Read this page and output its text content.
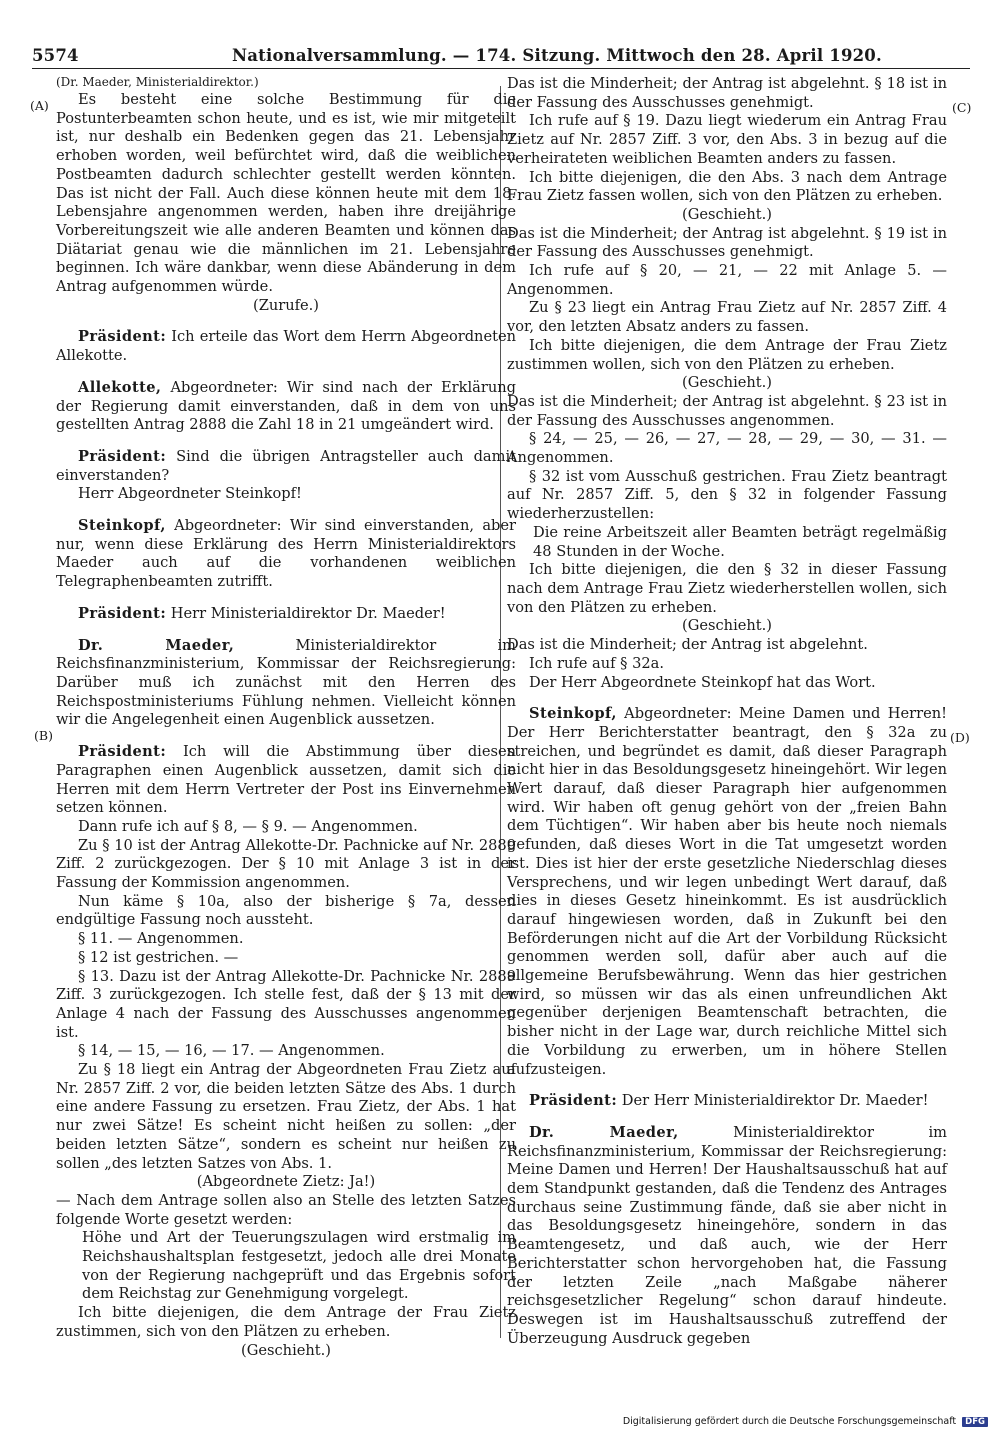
5574	Nationalversammlung. — 174. Sitzung. Mittwoch den 28. April 1920.
(A)
(B)
(C)
(D)

(Dr. Maeder, Ministerialdirektor.)

Es besteht eine solche Bestimmung für die Postunterbeamten schon heute, und es ist, wie mir mitgeteilt ist, nur deshalb ein Bedenken gegen das 21. Lebensjahr erhoben worden, weil befürchtet wird, daß die weiblichen Postbeamten dadurch schlechter gestellt werden könnten. Das ist nicht der Fall. Auch diese können heute mit dem 18. Lebensjahre angenommen werden, haben ihre dreijährige Vorbereitungszeit wie alle anderen Beamten und können das Diätariat genau wie die männlichen im 21. Lebensjahre beginnen. Ich wäre dankbar, wenn diese Abänderung in dem Antrag aufgenommen würde.

(Zurufe.)

Präsident: Ich erteile das Wort dem Herrn Abgeordneten Allekotte.

Allekotte, Abgeordneter: Wir sind nach der Erklärung der Regierung damit einverstanden, daß in dem von uns gestellten Antrag 2888 die Zahl 18 in 21 umgeändert wird.

Präsident: Sind die übrigen Antragsteller auch damit einverstanden?

Herr Abgeordneter Steinkopf!

Steinkopf, Abgeordneter: Wir sind einverstanden, aber nur, wenn diese Erklärung des Herrn Ministerialdirektors Maeder auch auf die vorhandenen weiblichen Telegraphenbeamten zutrifft.

Präsident: Herr Ministerialdirektor Dr. Maeder!

Dr. Maeder, Ministerialdirektor im Reichsfinanzministerium, Kommissar der Reichsregierung: Darüber muß ich zunächst mit den Herren des Reichspostministeriums Fühlung nehmen. Vielleicht können wir die Angelegenheit einen Augenblick aussetzen.

Präsident: Ich will die Abstimmung über diesen Paragraphen einen Augenblick aussetzen, damit sich die Herren mit dem Herrn Vertreter der Post ins Einvernehmen setzen können.

Dann rufe ich auf § 8, — § 9. — Angenommen.

Zu § 10 ist der Antrag Allekotte-Dr. Pachnicke auf Nr. 2889 Ziff. 2 zurückgezogen. Der § 10 mit Anlage 3 ist in der Fassung der Kommission angenommen.

Nun käme § 10a, also der bisherige § 7a, dessen endgültige Fassung noch aussteht.

§ 11. — Angenommen.

§ 12 ist gestrichen. —

§ 13. Dazu ist der Antrag Allekotte-Dr. Pachnicke Nr. 2889 Ziff. 3 zurückgezogen. Ich stelle fest, daß der § 13 mit der Anlage 4 nach der Fassung des Ausschusses angenommen ist.

§ 14, — 15, — 16, — 17. — Angenommen.

Zu § 18 liegt ein Antrag der Abgeordneten Frau Zietz auf Nr. 2857 Ziff. 2 vor, die beiden letzten Sätze des Abs. 1 durch eine andere Fassung zu ersetzen. Frau Zietz, der Abs. 1 hat nur zwei Sätze! Es scheint nicht heißen zu sollen: „der beiden letzten Sätze“, sondern es scheint nur heißen zu sollen „des letzten Satzes von Abs. 1.

(Abgeordnete Zietz: Ja!)

— Nach dem Antrage sollen also an Stelle des letzten Satzes folgende Worte gesetzt werden:

Höhe und Art der Teuerungszulagen wird erstmalig im Reichshaushaltsplan festgesetzt, jedoch alle drei Monate von der Regierung nachgeprüft und das Ergebnis sofort dem Reichstag zur Genehmigung vorgelegt.

Ich bitte diejenigen, die dem Antrage der Frau Zietz zustimmen, sich von den Plätzen zu erheben.

(Geschieht.)

Das ist die Minderheit; der Antrag ist abgelehnt. § 18 ist in der Fassung des Ausschusses genehmigt.

Ich rufe auf § 19. Dazu liegt wiederum ein Antrag Frau Zietz auf Nr. 2857 Ziff. 3 vor, den Abs. 3 in bezug auf die verheirateten weiblichen Beamten anders zu fassen.

Ich bitte diejenigen, die den Abs. 3 nach dem Antrage Frau Zietz fassen wollen, sich von den Plätzen zu erheben.

(Geschieht.)

Das ist die Minderheit; der Antrag ist abgelehnt. § 19 ist in der Fassung des Ausschusses genehmigt.

Ich rufe auf § 20, — 21, — 22 mit Anlage 5. — Angenommen.

Zu § 23 liegt ein Antrag Frau Zietz auf Nr. 2857 Ziff. 4 vor, den letzten Absatz anders zu fassen.

Ich bitte diejenigen, die dem Antrage der Frau Zietz zustimmen wollen, sich von den Plätzen zu erheben.

(Geschieht.)

Das ist die Minderheit; der Antrag ist abgelehnt. § 23 ist in der Fassung des Ausschusses angenommen.

§ 24, — 25, — 26, — 27, — 28, — 29, — 30, — 31. — Angenommen.

§ 32 ist vom Ausschuß gestrichen. Frau Zietz beantragt auf Nr. 2857 Ziff. 5, den § 32 in folgender Fassung wiederherzustellen:

Die reine Arbeitszeit aller Beamten beträgt regelmäßig 48 Stunden in der Woche.

Ich bitte diejenigen, die den § 32 in dieser Fassung nach dem Antrage Frau Zietz wiederherstellen wollen, sich von den Plätzen zu erheben.

(Geschieht.)

Das ist die Minderheit; der Antrag ist abgelehnt.

Ich rufe auf § 32a.

Der Herr Abgeordnete Steinkopf hat das Wort.

Steinkopf, Abgeordneter: Meine Damen und Herren! Der Herr Berichterstatter beantragt, den § 32a zu streichen, und begründet es damit, daß dieser Paragraph nicht hier in das Besoldungsgesetz hineingehört. Wir legen Wert darauf, daß dieser Paragraph hier aufgenommen wird. Wir haben oft genug gehört von der „freien Bahn dem Tüchtigen“. Wir haben aber bis heute noch niemals gefunden, daß dieses Wort in die Tat umgesetzt worden ist. Dies ist hier der erste gesetzliche Niederschlag dieses Versprechens, und wir legen unbedingt Wert darauf, daß dies in dieses Gesetz hineinkommt. Es ist ausdrücklich darauf hingewiesen worden, daß in Zukunft bei den Beförderungen nicht auf die Art der Vorbildung Rücksicht genommen werden soll, dafür aber auch auf die allgemeine Berufsbewährung. Wenn das hier gestrichen wird, so müssen wir das als einen unfreundlichen Akt gegenüber derjenigen Beamtenschaft betrachten, die bisher nicht in der Lage war, durch reichliche Mittel sich die Vorbildung zu erwerben, um in höhere Stellen aufzusteigen.

Präsident: Der Herr Ministerialdirektor Dr. Maeder!

Dr. Maeder, Ministerialdirektor im Reichsfinanzministerium, Kommissar der Reichsregierung: Meine Damen und Herren! Der Haushaltsausschuß hat auf dem Standpunkt gestanden, daß die Tendenz des Antrages durchaus seine Zustimmung fände, daß sie aber nicht in das Besoldungsgesetz hineingehöre, sondern in das Beamtengesetz, und daß auch, wie der Herr Berichterstatter schon hervorgehoben hat, die Fassung der letzten Zeile „nach Maßgabe näherer reichsgesetzlicher Regelung“ schon darauf hindeute. Deswegen ist im Haushaltsausschuß zutreffend der Überzeugung Ausdruck gegeben

Digitalisierung gefördert durch die Deutsche Forschungsgemeinschaft DFG
